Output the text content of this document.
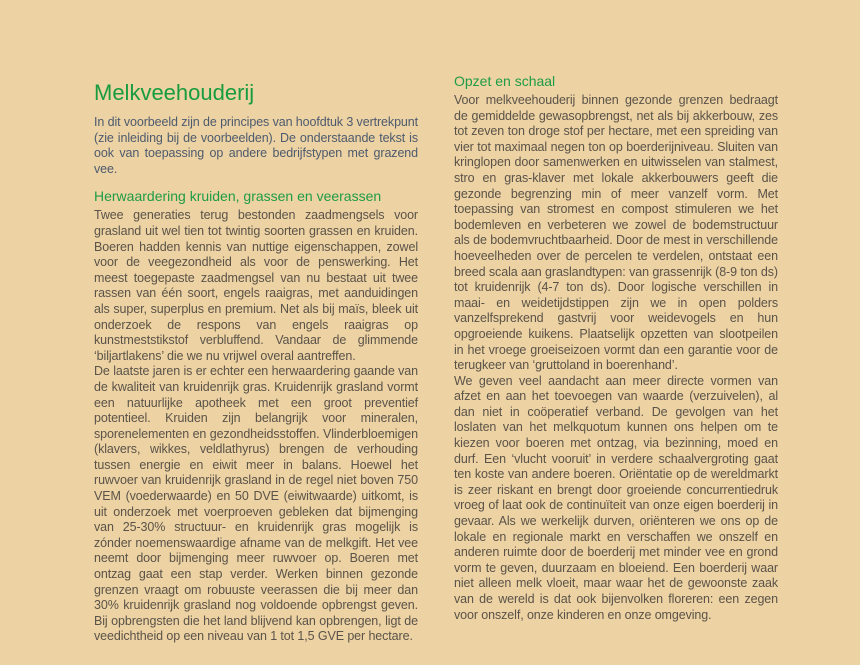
Melkveehouderij

In dit voorbeeld zijn de principes van hoofdtuk 3 vertrekpunt (zie inleiding bij de voorbeelden). De onderstaande tekst is ook van toepassing op andere bedrijfstypen met grazend vee.

Herwaardering kruiden, grassen en veerassen

Twee generaties terug bestonden zaadmengsels voor grasland uit wel tien tot twintig soorten grassen en kruiden. Boeren hadden kennis van nuttige eigenschappen, zowel voor de veegezondheid als voor de penswerking. Het meest toegepaste zaadmengsel van nu bestaat uit twee rassen van één soort, engels raaigras, met aanduidingen als super, superplus en premium. Net als bij maïs, bleek uit onderzoek de respons van engels raaigras op kunstmeststikstof verbluffend. Vandaar de glimmende ‘biljartlakens’ die we nu vrijwel overal aantreffen.

De laatste jaren is er echter een herwaardering gaande van de kwaliteit van kruidenrijk gras. Kruidenrijk grasland vormt een natuurlijke apotheek met een groot preventief potentieel. Kruiden zijn belangrijk voor mineralen, sporenelementen en gezondheidsstoffen. Vlinderbloemigen (klavers, wikkes, veldlathyrus) brengen de verhouding tussen energie en eiwit meer in balans. Hoewel het ruwvoer van kruidenrijk grasland in de regel niet boven 750 VEM (voederwaarde) en 50 DVE (eiwitwaarde) uitkomt, is uit onderzoek met voerproeven gebleken dat bijmenging van 25-30% structuur- en kruidenrijk gras mogelijk is zónder noemenswaardige afname van de melkgift. Het vee neemt door bijmenging meer ruwvoer op. Boeren met ontzag gaat een stap verder. Werken binnen gezonde grenzen vraagt om robuuste veerassen die bij meer dan 30% kruidenrijk grasland nog voldoende opbrengst geven. Bij opbrengsten die het land blijvend kan opbrengen, ligt de veedichtheid op een niveau van 1 tot 1,5 GVE per hectare.

Opzet en schaal

Voor melkveehouderij binnen gezonde grenzen bedraagt de gemiddelde gewasopbrengst, net als bij akkerbouw, zes tot zeven ton droge stof per hectare, met een spreiding van vier tot maximaal negen ton op boerderijniveau. Sluiten van kringlopen door samenwerken en uitwisselen van stalmest, stro en gras-klaver met lokale akkerbouwers geeft die gezonde begrenzing min of meer vanzelf vorm. Met toepassing van stromest en compost stimuleren we het bodemleven en verbeteren we zowel de bodemstructuur als de bodemvruchtbaarheid. Door de mest in verschillende hoeveelheden over de percelen te verdelen, ontstaat een breed scala aan graslandtypen: van grassenrijk (8-9 ton ds) tot kruidenrijk (4-7 ton ds). Door logische verschillen in maai- en weidetijdstippen zijn we in open polders vanzelfsprekend gastvrij voor weidevogels en hun opgroeiende kuikens. Plaatselijk opzetten van slootpeilen in het vroege groeiseizoen vormt dan een garantie voor de terugkeer van ‘gruttoland in boerenhand’.

We geven veel aandacht aan meer directe vormen van afzet en aan het toevoegen van waarde (verzuivelen), al dan niet in coöperatief verband. De gevolgen van het loslaten van het melkquotum kunnen ons helpen om te kiezen voor boeren met ontzag, via bezinning, moed en durf. Een ‘vlucht vooruit’ in verdere schaalvergroting gaat ten koste van andere boeren. Oriëntatie op de wereldmarkt is zeer riskant en brengt door groeiende concurrentiedruk vroeg of laat ook de continuïteit van onze eigen boerderij in gevaar. Als we werkelijk durven, oriënteren we ons op de lokale en regionale markt en verschaffen we onszelf en anderen ruimte door de boerderij met minder vee en grond vorm te geven, duurzaam en bloeiend. Een boerderij waar niet alleen melk vloeit, maar waar het de gewoonste zaak van de wereld is dat ook bijenvolken floreren: een zegen voor onszelf, onze kinderen en onze omgeving.
